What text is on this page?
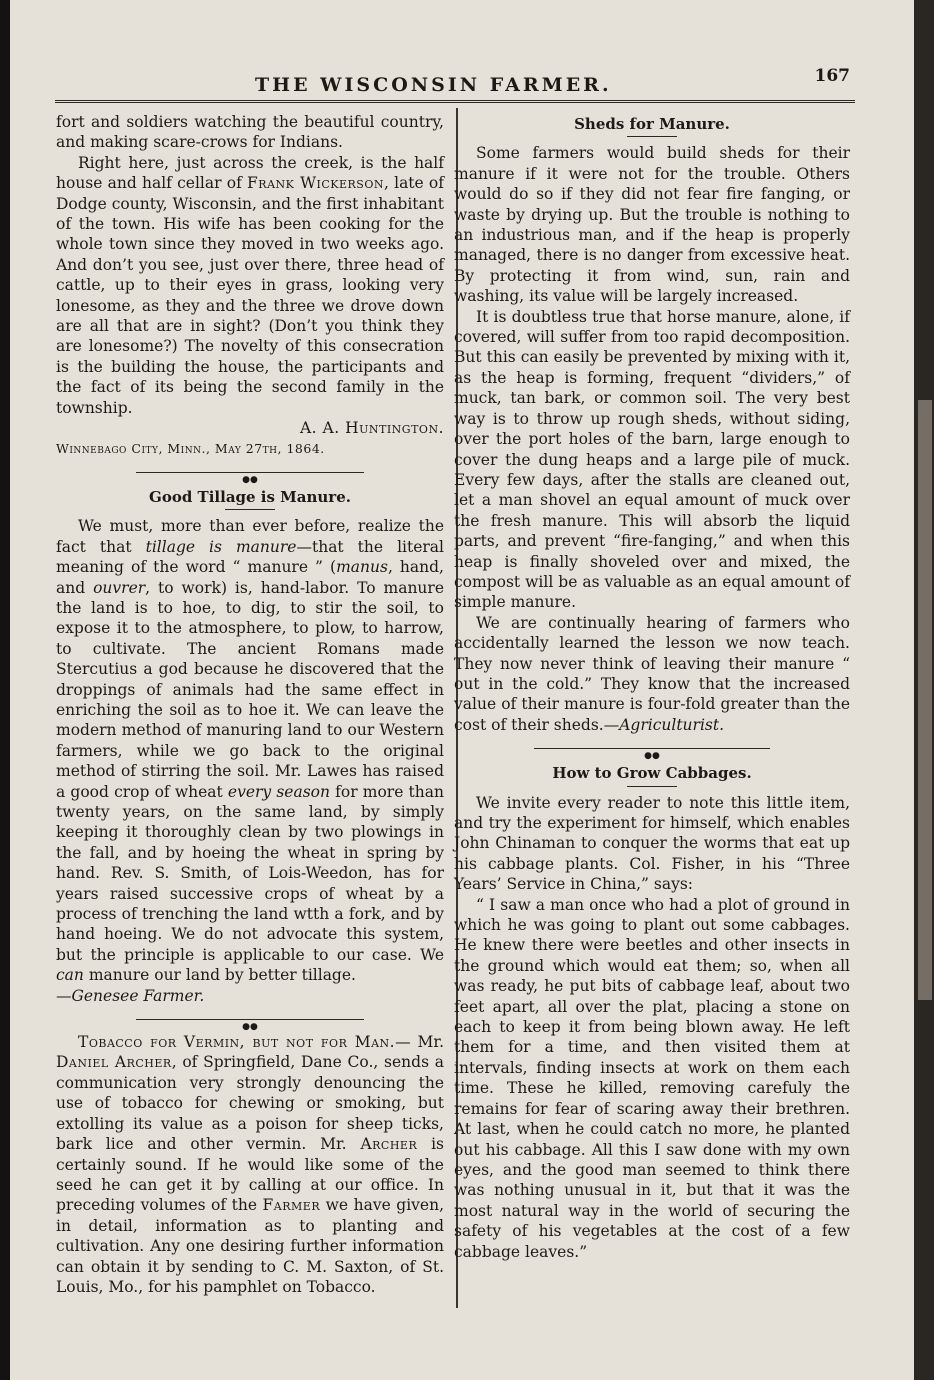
THE WISCONSIN FARMER.	167

fort and soldiers watching the beautiful country, and making scare-crows for Indians.

Right here, just across the creek, is the half house and half cellar of Frank Wickerson, late of Dodge county, Wisconsin, and the first inhabitant of the town. His wife has been cooking for the whole town since they moved in two weeks ago. And don’t you see, just over there, three head of cattle, up to their eyes in grass, looking very lonesome, as they and the three we drove down are all that are in sight? (Don’t you think they are lonesome?) The novelty of this consecration is the building the house, the participants and the fact of its being the second family in the township.

A. A. Huntington.

Winnebago City, Minn., May 27th, 1864.

●●
Good Tillage is Manure.

We must, more than ever before, realize the fact that tillage is manure—that the literal meaning of the word “ manure ” (manus, hand, and ouvrer, to work) is, hand-labor. To manure the land is to hoe, to dig, to stir the soil, to expose it to the atmosphere, to plow, to harrow, to cultivate. The ancient Romans made Stercutius a god because he discovered that the droppings of animals had the same effect in enriching the soil as to hoe it. We can leave the modern method of manuring land to our Western farmers, while we go back to the original method of stirring the soil. Mr. Lawes has raised a good crop of wheat every season for more than twenty years, on the same land, by simply keeping it thoroughly clean by two plowings in the fall, and by hoeing the wheat in spring by hand. Rev. S. Smith, of Lois-Weedon, has for years raised successive crops of wheat by a process of trenching the land wtth a fork, and by hand hoeing. We do not advocate this system, but the principle is applicable to our case. We can manure our land by better tillage.

—Genesee Farmer.

●●

Tobacco for Vermin, but not for Man.— Mr. Daniel Archer, of Springfield, Dane Co., sends a communication very strongly denouncing the use of tobacco for chewing or smoking, but extolling its value as a poison for sheep ticks, bark lice and other vermin. Mr. Archer is certainly sound. If he would like some of the seed he can get it by calling at our office. In preceding volumes of the Farmer we have given, in detail, information as to planting and cultivation. Any one desiring further information can obtain it by sending to C. M. Saxton, of St. Louis, Mo., for his pamphlet on Tobacco.

Sheds for Manure.

Some farmers would build sheds for their manure if it were not for the trouble. Others would do so if they did not fear fire fanging, or waste by drying up. But the trouble is nothing to an industrious man, and if the heap is properly managed, there is no danger from excessive heat. By protecting it from wind, sun, rain and washing, its value will be largely increased.

It is doubtless true that horse manure, alone, if covered, will suffer from too rapid decomposition. But this can easily be prevented by mixing with it, as the heap is forming, frequent “dividers,” of muck, tan bark, or common soil. The very best way is to throw up rough sheds, without siding, over the port holes of the barn, large enough to cover the dung heaps and a large pile of muck. Every few days, after the stalls are cleaned out, let a man shovel an equal amount of muck over the fresh manure. This will absorb the liquid parts, and prevent “fire-fanging,” and when this heap is finally shoveled over and mixed, the compost will be as valuable as an equal amount of simple manure.

We are continually hearing of farmers who accidentally learned the lesson we now teach. They now never think of leaving their manure “ out in the cold.” They know that the increased value of their manure is four-fold greater than the cost of their sheds.—Agriculturist.

●●
How to Grow Cabbages.

We invite every reader to note this little item, and try the experiment for himself, which enables John Chinaman to conquer the worms that eat up his cabbage plants. Col. Fisher, in his “Three Years’ Service in China,” says:

“ I saw a man once who had a plot of ground in which he was going to plant out some cabbages. He knew there were beetles and other insects in the ground which would eat them; so, when all was ready, he put bits of cabbage leaf, about two feet apart, all over the plat, placing a stone on each to keep it from being blown away. He left them for a time, and then visited them at intervals, finding insects at work on them each time. These he killed, removing carefuly the remains for fear of scaring away their brethren. At last, when he could catch no more, he planted out his cabbage. All this I saw done with my own eyes, and the good man seemed to think there was nothing unusual in it, but that it was the most natural way in the world of securing the safety of his vegetables at the cost of a few cabbage leaves.”
